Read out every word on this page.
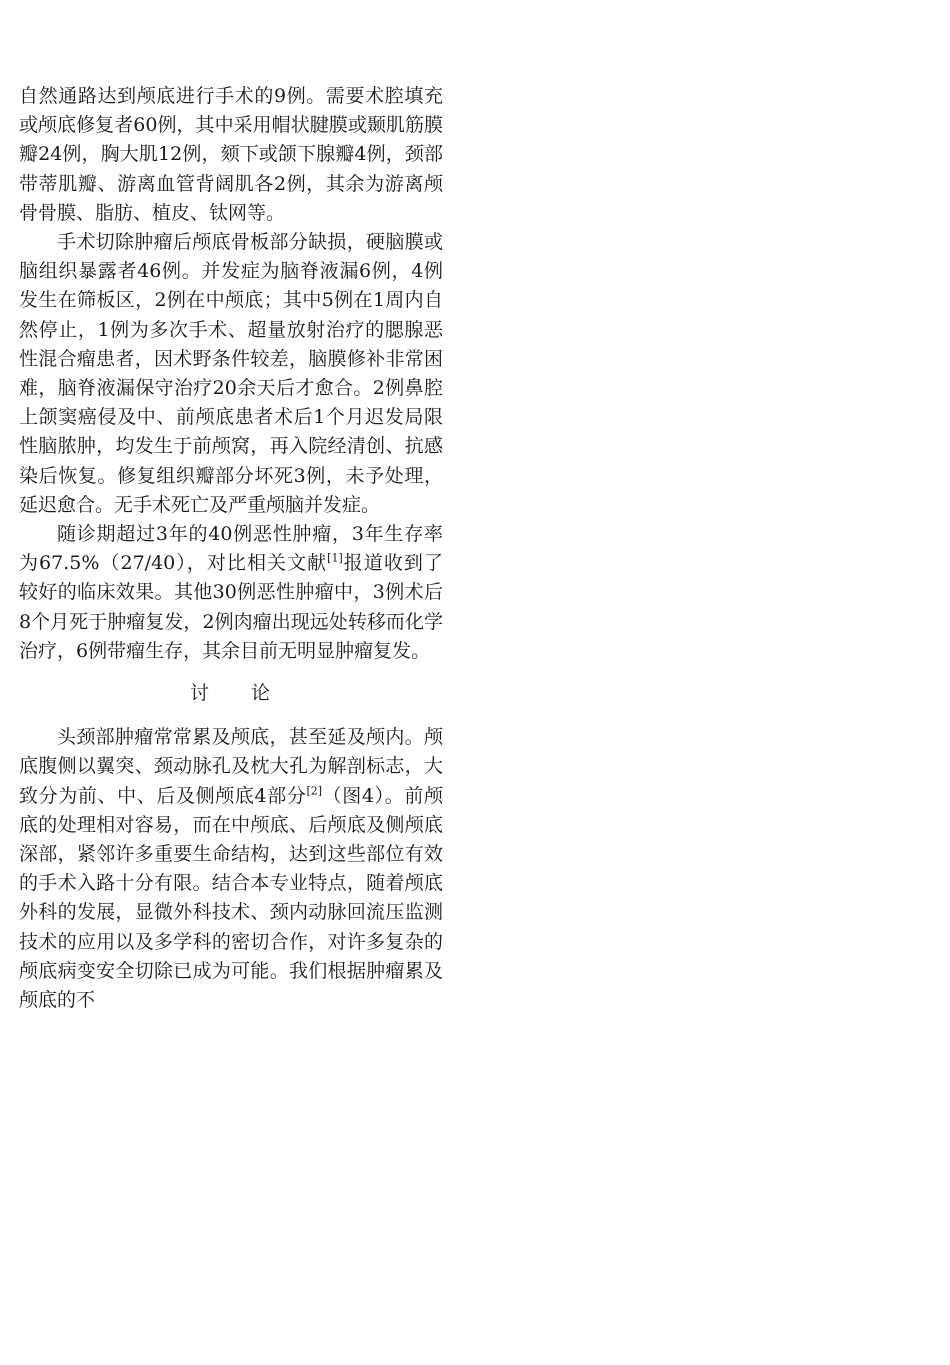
自然通路达到颅底进行手术的9例。需要术腔填充或颅底修复者60例，其中采用帽状腱膜或颞肌筋膜瓣24例，胸大肌12例，颏下或颌下腺瓣4例，颈部带蒂肌瓣、游离血管背阔肌各2例，其余为游离颅骨骨膜、脂肪、植皮、钛网等。

手术切除肿瘤后颅底骨板部分缺损，硬脑膜或脑组织暴露者46例。并发症为脑脊液漏6例，4例发生在筛板区，2例在中颅底；其中5例在1周内自然停止，1例为多次手术、超量放射治疗的腮腺恶性混合瘤患者，因术野条件较差，脑膜修补非常困难，脑脊液漏保守治疗20余天后才愈合。2例鼻腔上颌窦癌侵及中、前颅底患者术后1个月迟发局限性脑脓肿，均发生于前颅窝，再入院经清创、抗感染后恢复。修复组织瓣部分坏死3例，未予处理，延迟愈合。无手术死亡及严重颅脑并发症。

随诊期超过3年的40例恶性肿瘤，3年生存率为67.5%（27/40），对比相关文献[1]报道收到了较好的临床效果。其他30例恶性肿瘤中，3例术后8个月死于肿瘤复发，2例肉瘤出现远处转移而化学治疗，6例带瘤生存，其余目前无明显肿瘤复发。

讨 论

头颈部肿瘤常常累及颅底，甚至延及颅内。颅底腹侧以翼突、颈动脉孔及枕大孔为解剖标志，大致分为前、中、后及侧颅底4部分[2]（图4）。前颅底的处理相对容易，而在中颅底、后颅底及侧颅底深部，紧邻许多重要生命结构，达到这些部位有效的手术入路十分有限。结合本专业特点，随着颅底外科的发展，显微外科技术、颈内动脉回流压监测技术的应用以及多学科的密切合作，对许多复杂的颅底病变安全切除已成为可能。我们根据肿瘤累及颅底的不
